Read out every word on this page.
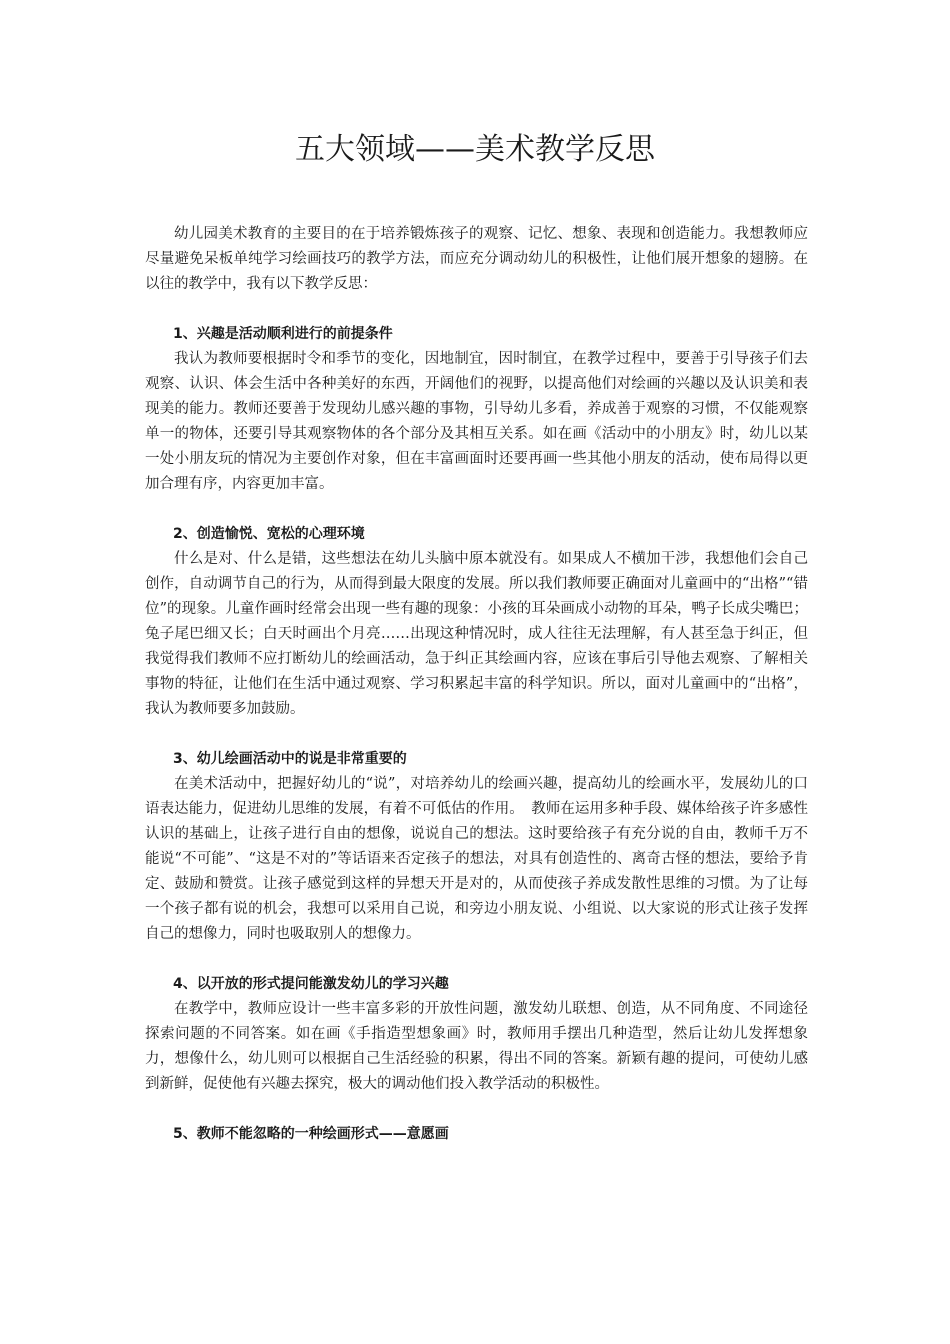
五大领域——美术教学反思

幼儿园美术教育的主要目的在于培养锻炼孩子的观察、记忆、想象、表现和创造能力。我想教师应尽量避免呆板单纯学习绘画技巧的教学方法，而应充分调动幼儿的积极性，让他们展开想象的翅膀。在以往的教学中，我有以下教学反思：

1、兴趣是活动顺利进行的前提条件

我认为教师要根据时令和季节的变化，因地制宜，因时制宜，在教学过程中，要善于引导孩子们去观察、认识、体会生活中各种美好的东西，开阔他们的视野，以提高他们对绘画的兴趣以及认识美和表现美的能力。教师还要善于发现幼儿感兴趣的事物，引导幼儿多看，养成善于观察的习惯，不仅能观察单一的物体，还要引导其观察物体的各个部分及其相互关系。如在画《活动中的小朋友》时，幼儿以某一处小朋友玩的情况为主要创作对象，但在丰富画面时还要再画一些其他小朋友的活动，使布局得以更加合理有序，内容更加丰富。

2、创造愉悦、宽松的心理环境

什么是对、什么是错，这些想法在幼儿头脑中原本就没有。如果成人不横加干涉，我想他们会自己创作，自动调节自己的行为，从而得到最大限度的发展。所以我们教师要正确面对儿童画中的“出格”“错位”的现象。儿童作画时经常会出现一些有趣的现象：小孩的耳朵画成小动物的耳朵，鸭子长成尖嘴巴；兔子尾巴细又长；白天时画出个月亮……出现这种情况时，成人往往无法理解，有人甚至急于纠正，但我觉得我们教师不应打断幼儿的绘画活动，急于纠正其绘画内容，应该在事后引导他去观察、了解相关事物的特征，让他们在生活中通过观察、学习积累起丰富的科学知识。所以，面对儿童画中的“出格”，我认为教师要多加鼓励。

3、幼儿绘画活动中的说是非常重要的

在美术活动中，把握好幼儿的“说”，对培养幼儿的绘画兴趣，提高幼儿的绘画水平，发展幼儿的口语表达能力，促进幼儿思维的发展，有着不可低估的作用。　教师在运用多种手段、媒体给孩子许多感性认识的基础上，让孩子进行自由的想像，说说自己的想法。这时要给孩子有充分说的自由，教师千万不能说“不可能”、“这是不对的”等话语来否定孩子的想法，对具有创造性的、离奇古怪的想法，要给予肯定、鼓励和赞赏。让孩子感觉到这样的异想天开是对的，从而使孩子养成发散性思维的习惯。为了让每一个孩子都有说的机会，我想可以采用自己说，和旁边小朋友说、小组说、以大家说的形式让孩子发挥自己的想像力，同时也吸取别人的想像力。

4、以开放的形式提问能激发幼儿的学习兴趣

在教学中，教师应设计一些丰富多彩的开放性问题，激发幼儿联想、创造，从不同角度、不同途径探索问题的不同答案。如在画《手指造型想象画》时，教师用手摆出几种造型，然后让幼儿发挥想象力，想像什么，幼儿则可以根据自己生活经验的积累，得出不同的答案。新颖有趣的提问，可使幼儿感到新鲜，促使他有兴趣去探究，极大的调动他们投入教学活动的积极性。

5、教师不能忽略的一种绘画形式——意愿画
